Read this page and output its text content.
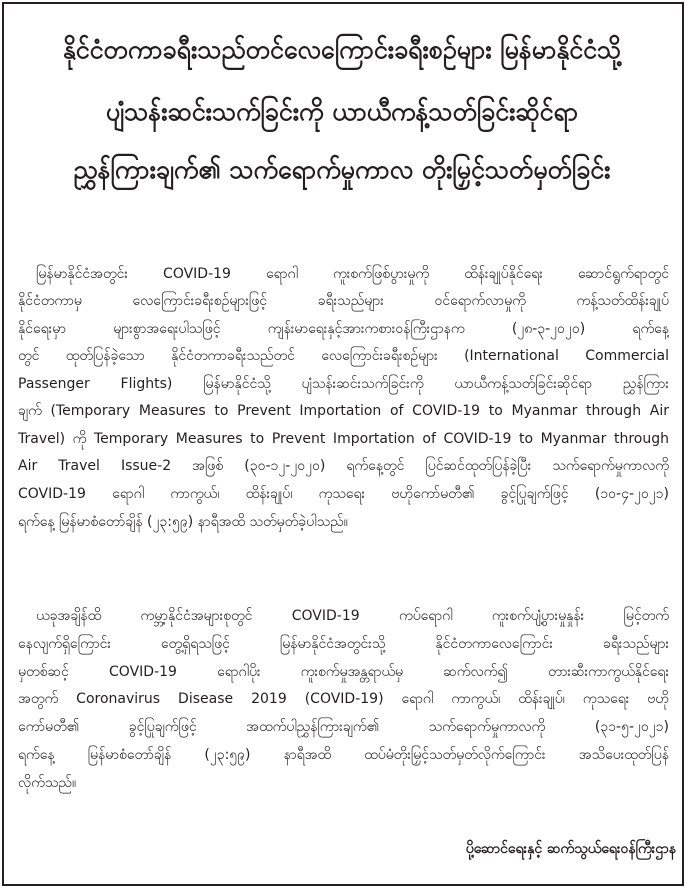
နိုင်ငံတကာခရီးသည်တင်လေကြောင်းခရီးစဉ်များ မြန်မာနိုင်ငံသို့
ပျံသန်းဆင်းသက်ခြင်းကို ယာယီကန့်သတ်ခြင်းဆိုင်ရာ
ညွှန်ကြားချက်၏ သက်ရောက်မှုကာလ တိုးမြှင့်သတ်မှတ်ခြင်း
မြန်မာနိုင်ငံအတွင်း COVID-19 ရောဂါ ကူးစက်ဖြစ်ပွားမှုကို ထိန်းချုပ်နိုင်ရေး ဆောင်ရွက်ရာတွင်
နိုင်ငံတကာမှ လေကြောင်းခရီးစဉ်များဖြင့် ခရီးသည်များ ဝင်ရောက်လာမှုကို ကန့်သတ်ထိန်းချုပ်
နိုင်ရေးမှာ များစွာအရေးပါသဖြင့် ကျန်းမာရေးနှင့်အားကစားဝန်ကြီးဌာနက (၂၈-၃-၂၀၂၀) ရက်နေ့
တွင် ထုတ်ပြန်ခဲ့သော နိုင်ငံတကာခရီးသည်တင် လေကြောင်းခရီးစဉ်များ (International Commercial
Passenger Flights) မြန်မာနိုင်ငံသို့ ပျံသန်းဆင်းသက်ခြင်းကို ယာယီကန့်သတ်ခြင်းဆိုင်ရာ ညွှန်ကြား
ချက် (Temporary Measures to Prevent Importation of COVID-19 to Myanmar through Air
Travel) ကို Temporary Measures to Prevent Importation of COVID-19 to Myanmar through
Air Travel Issue-2 အဖြစ် (၃၀-၁၂-၂၀၂၀) ရက်နေ့တွင် ပြင်ဆင်ထုတ်ပြန်ခဲ့ပြီး သက်ရောက်မှုကာလကို
COVID-19 ရောဂါ ကာကွယ်၊ ထိန်းချုပ်၊ ကုသရေး ဗဟိုကော်မတီ၏ ခွင့်ပြုချက်ဖြင့် (၁၀-၄-၂၀၂၁)
ရက်နေ့ မြန်မာစံတော်ချိန် (၂၃:၅၉) နာရီအထိ သတ်မှတ်ခဲ့ပါသည်။
ယခုအချိန်ထိ ကမ္ဘာ့နိုင်ငံအများစုတွင် COVID-19 ကပ်ရောဂါ ကူးစက်ပျံ့ပွားမှုနှုန်း မြင့်တက်
နေလျက်ရှိကြောင်း တွေ့ရှိရသဖြင့် မြန်မာနိုင်ငံအတွင်းသို့ နိုင်ငံတကာလေကြောင်း ခရီးသည်များ
မှတစ်ဆင့် COVID-19 ရောဂါပိုး ကူးစက်မှုအန္တရာယ်မှ ဆက်လက်၍ တားဆီးကာကွယ်နိုင်ရေး
အတွက် Coronavirus Disease 2019 (COVID-19) ရောဂါ ကာကွယ်၊ ထိန်းချုပ်၊ ကုသရေး ဗဟို
ကော်မတီ၏ ခွင့်ပြုချက်ဖြင့် အထက်ပါညွှန်ကြားချက်၏ သက်ရောက်မှုကာလကို (၃၁-၅-၂၀၂၁)
ရက်နေ့ မြန်မာစံတော်ချိန် (၂၃:၅၉) နာရီအထိ ထပ်မံတိုးမြှင့်သတ်မှတ်လိုက်ကြောင်း အသိပေးထုတ်ပြန်
လိုက်သည်။
ပို့ဆောင်ရေးနှင့် ဆက်သွယ်ရေးဝန်ကြီးဌာန
